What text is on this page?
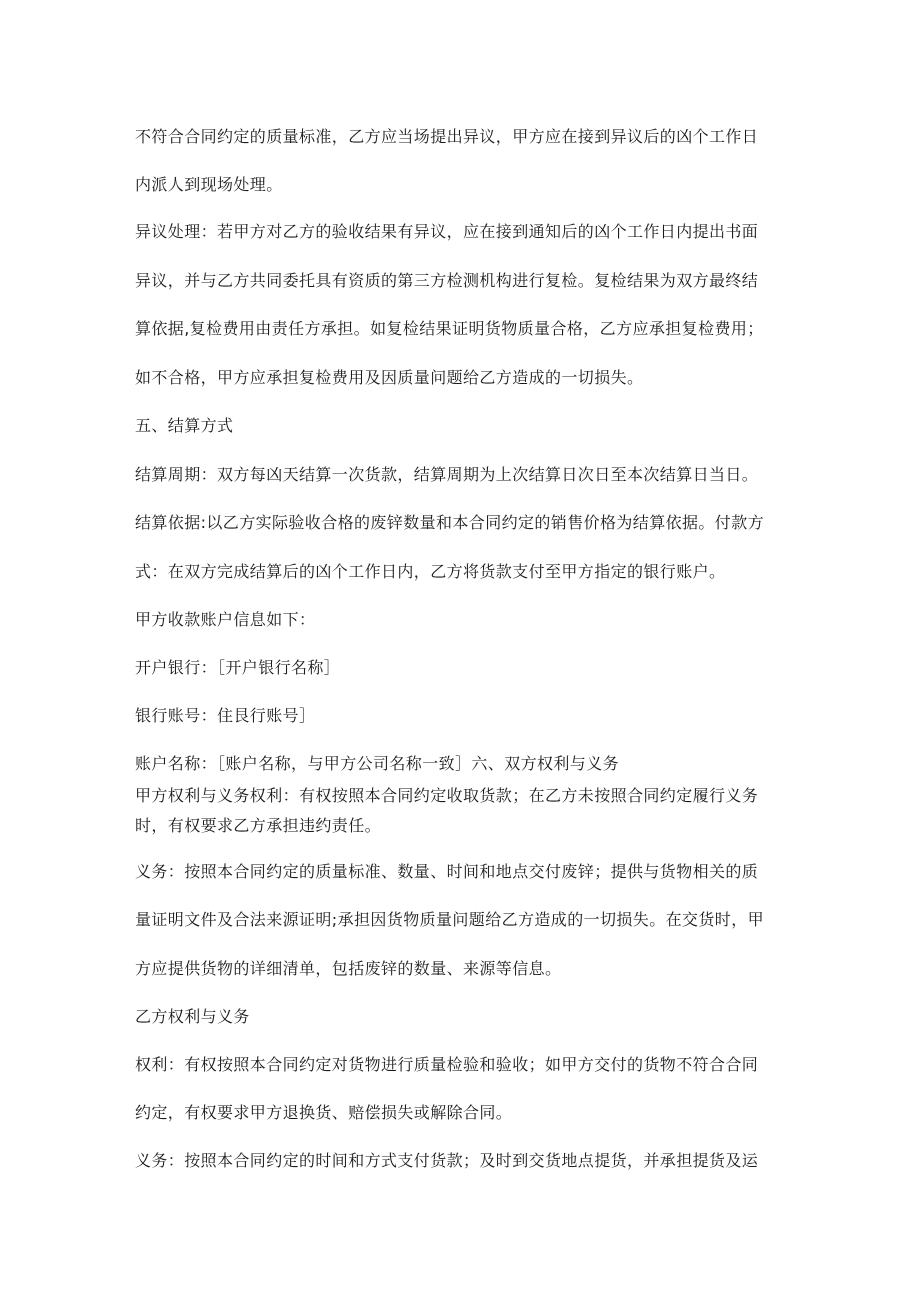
不符合合同约定的质量标准，乙方应当场提出异议，甲方应在接到异议后的凶个工作日
内派人到现场处理。
异议处理：若甲方对乙方的验收结果有异议，应在接到通知后的凶个工作日内提出书面
异议，并与乙方共同委托具有资质的第三方检测机构进行复检。复检结果为双方最终结
算依据,复检费用由责任方承担。如复检结果证明货物质量合格，乙方应承担复检费用；
如不合格，甲方应承担复检费用及因质量问题给乙方造成的一切损失。
五、结算方式
结算周期：双方每凶天结算一次货款，结算周期为上次结算日次日至本次结算日当日。
结算依据:以乙方实际验收合格的废锌数量和本合同约定的销售价格为结算依据。付款方
式：在双方完成结算后的凶个工作日内，乙方将货款支付至甲方指定的银行账户。
甲方收款账户信息如下：
开户银行：［开户银行名称］
银行账号：住艮行账号］
账户名称：［账户名称，与甲方公司名称一致］六、双方权利与义务
甲方权利与义务权利：有权按照本合同约定收取货款；在乙方未按照合同约定履行义务
时，有权要求乙方承担违约责任。
义务：按照本合同约定的质量标准、数量、时间和地点交付废锌；提供与货物相关的质
量证明文件及合法来源证明;承担因货物质量问题给乙方造成的一切损失。在交货时，甲
方应提供货物的详细清单，包括废锌的数量、来源等信息。
乙方权利与义务
权利：有权按照本合同约定对货物进行质量检验和验收；如甲方交付的货物不符合合同
约定，有权要求甲方退换货、赔偿损失或解除合同。
义务：按照本合同约定的时间和方式支付货款；及时到交货地点提货，并承担提货及运
